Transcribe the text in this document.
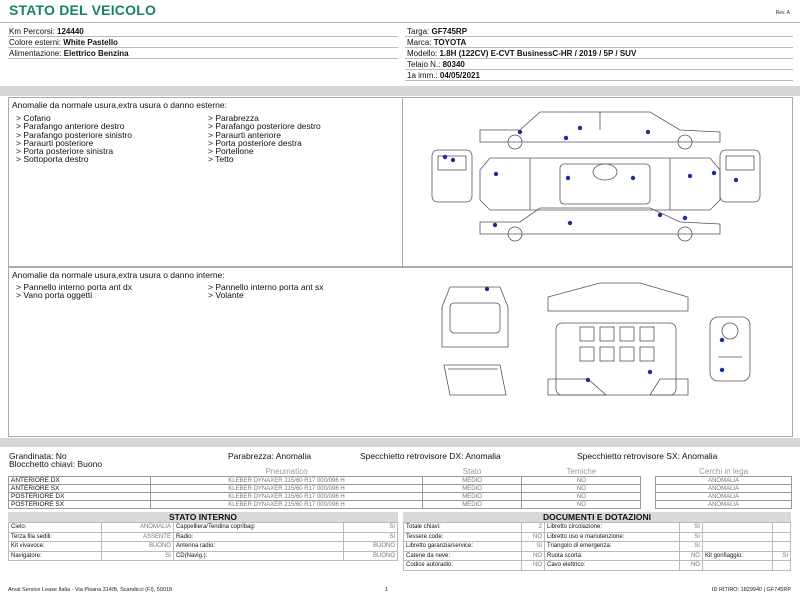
STATO DEL VEICOLO	Rev. A
Km Percorsi: 124440
Colore esterni: White Pastello
Alimentazione: Elettrico Benzina
Targa: GF745RP
Marca: TOYOTA
Modello: 1.8H (122CV) E-CVT BusinessC-HR / 2019 / 5P / SUV
Telaio N.: 80340
1a imm.: 04/05/2021
Anomalie da normale usura,extra usura o danno esterne:
> Cofano
> Parafango anteriore destro
> Parafango posteriore sinistro
> Paraurti posteriore
> Porta posteriore sinistra
> Sottoporta destro
> Parabrezza
> Parafango posteriore destro
> Paraurti anteriore
> Porta posteriore destra
> Portellone
> Tetto
Anomalie da normale usura,extra usura o danno interne:
> Pannello interno porta ant dx
> Vano porta oggetti
> Pannello interno porta ant sx
> Volante
Grandinata: No
Blocchetto chiavi: Buono
Parabrezza: Anomalia	Specchietto retrovisore DX: Anomalia	Specchietto retrovisore SX: Anomalia
	Pneumatico	Stato	Temiche		Cerchi in lega
ANTERIORE DX	KLEBER DYNAXER 215/60 R17 000/096 H	MEDIO	NO		ANOMALIA
ANTERIORE SX	KLEBER DYNAXER 215/60 R17 000/096 H	MEDIO	NO		ANOMALIA
POSTERIORE DX	KLEBER DYNAXER 215/60 R17 000/096 H	MEDIO	NO		ANOMALIA
POSTERIORE SX	KLEBER DYNAXER 215/60 R17 000/096 H	MEDIO	NO		ANOMALIA
STATO INTERNO
Cielo:	ANOMALIA	Cappelliera/Tendina copribag:	SI
Terza fila sedili:	ASSENTE	Radio:	SI
Kit vivavoce:	BUONO	Antenna radio:	BUONO
Navigatore:	SI	CD(Navig.):	BUONO
DOCUMENTI E DOTAZIONI
Totale chiavi:	2	Libretto circolazione:	SI		
Tessere code:	NO	Libretto uso e manutenzione:	SI		
Libretto garanzia/service:	SI	Triangolo di emergenza:	SI		
Catene da neve:	NO	Ruota scorta:	NO	Kit gonfiaggio:	SI
Codice autoradio:	NO	Cavo elettrico:	NO		
Arval Service Lease Italia - Via Pisana 314/B, Scandicci (FI), 50018	1	ID RITIRO: 1829940 | GF745RP
